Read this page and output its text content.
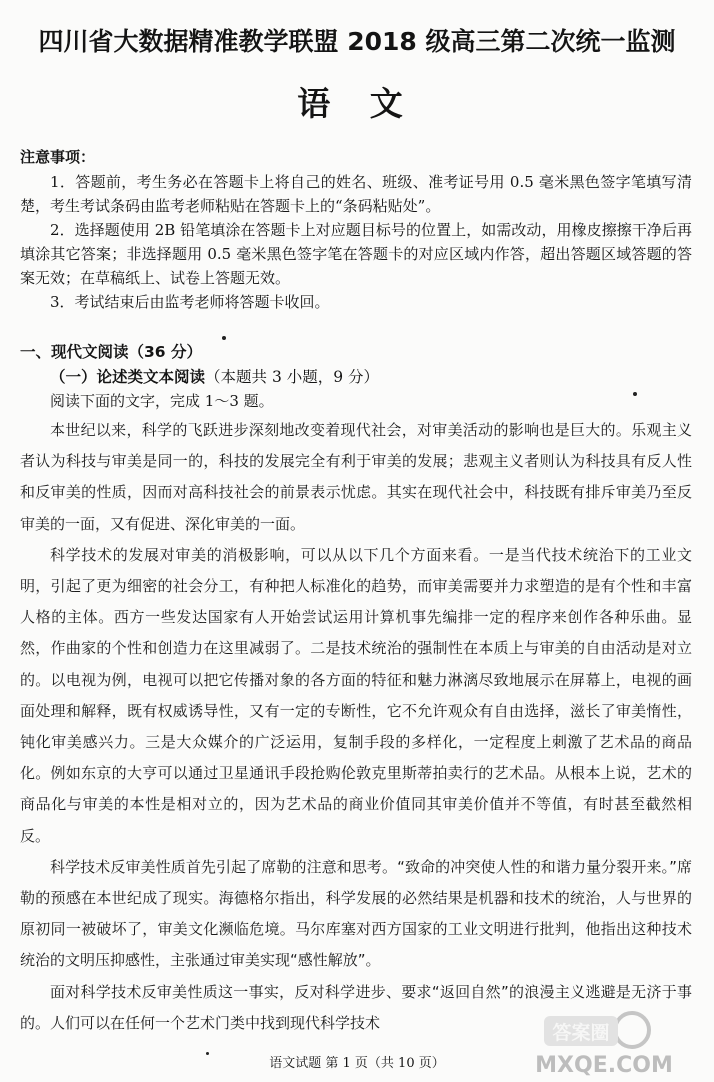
四川省大数据精准教学联盟 2018 级高三第二次统一监测
语 文
注意事项：

1．答题前，考生务必在答题卡上将自己的姓名、班级、准考证号用 0.5 毫米黑色签字笔填写清楚，考生考试条码由监考老师粘贴在答题卡上的“条码粘贴处”。

2．选择题使用 2B 铅笔填涂在答题卡上对应题目标号的位置上，如需改动，用橡皮擦擦干净后再填涂其它答案；非选择题用 0.5 毫米黑色签字笔在答题卡的对应区域内作答，超出答题区域答题的答案无效；在草稿纸上、试卷上答题无效。

3．考试结束后由监考老师将答题卡收回。

一、现代文阅读（36 分）
（一）论述类文本阅读（本题共 3 小题，9 分）
阅读下面的文字，完成 1～3 题。

本世纪以来，科学的飞跃进步深刻地改变着现代社会，对审美活动的影响也是巨大的。乐观主义者认为科技与审美是同一的，科技的发展完全有利于审美的发展；悲观主义者则认为科技具有反人性和反审美的性质，因而对高科技社会的前景表示忧虑。其实在现代社会中，科技既有排斥审美乃至反审美的一面，又有促进、深化审美的一面。

科学技术的发展对审美的消极影响，可以从以下几个方面来看。一是当代技术统治下的工业文明，引起了更为细密的社会分工，有种把人标准化的趋势，而审美需要并力求塑造的是有个性和丰富人格的主体。西方一些发达国家有人开始尝试运用计算机事先编排一定的程序来创作各种乐曲。显然，作曲家的个性和创造力在这里减弱了。二是技术统治的强制性在本质上与审美的自由活动是对立的。以电视为例，电视可以把它传播对象的各方面的特征和魅力淋漓尽致地展示在屏幕上，电视的画面处理和解释，既有权威诱导性，又有一定的专断性，它不允许观众有自由选择，滋长了审美惰性，钝化审美感兴力。三是大众媒介的广泛运用，复制手段的多样化，一定程度上刺激了艺术品的商品化。例如东京的大亨可以通过卫星通讯手段抢购伦敦克里斯蒂拍卖行的艺术品。从根本上说，艺术的商品化与审美的本性是相对立的，因为艺术品的商业价值同其审美价值并不等值，有时甚至截然相反。

科学技术反审美性质首先引起了席勒的注意和思考。“致命的冲突使人性的和谐力量分裂开来。”席勒的预感在本世纪成了现实。海德格尔指出，科学发展的必然结果是机器和技术的统治，人与世界的原初同一被破坏了，审美文化濒临危境。马尔库塞对西方国家的工业文明进行批判，他指出这种技术统治的文明压抑感性，主张通过审美实现“感性解放”。

面对科学技术反审美性质这一事实，反对科学进步、要求“返回自然”的浪漫主义逃避是无济于事的。人们可以在任何一个艺术门类中找到现代科学技术

语文试题 第 1 页（共 10 页）
答案圈
MXQE.COM
